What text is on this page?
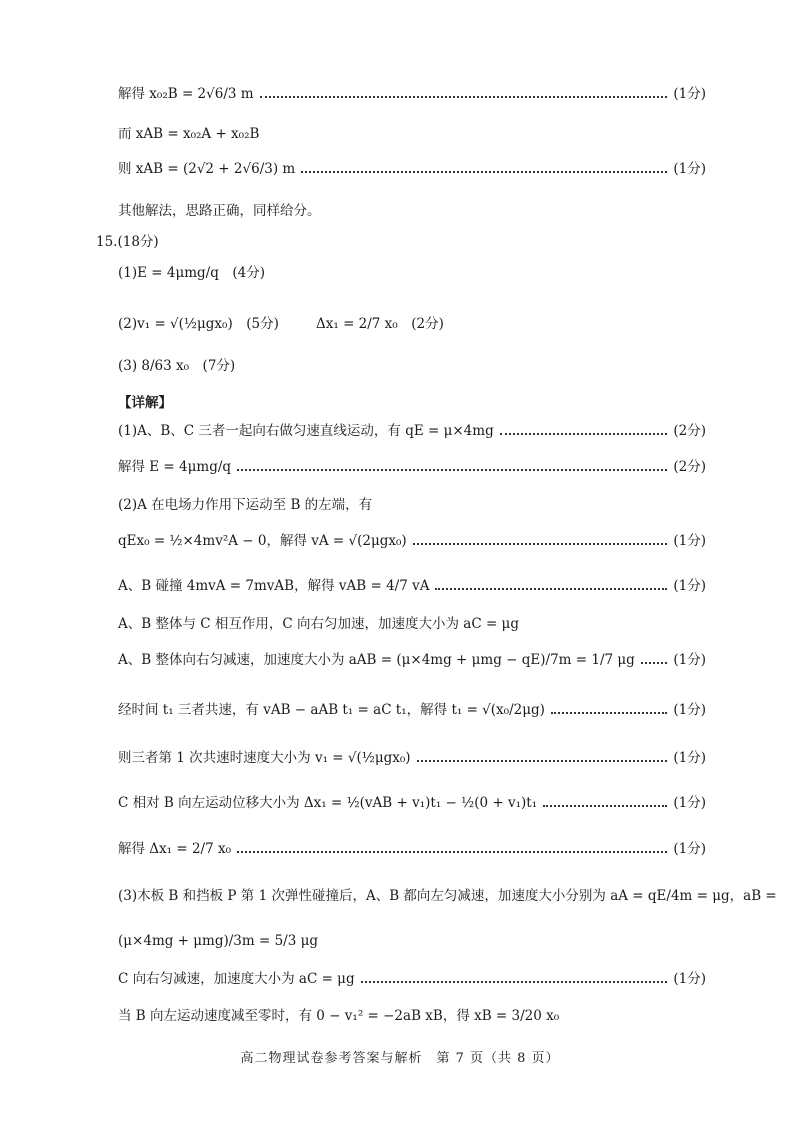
解得 x₀₂B = 2√6/3 m	(1分)
而 xAB = x₀₂A + x₀₂B
则 xAB = (2√2 + 2√6/3) m	(1分)
其他解法，思路正确，同样给分。
15.(18分)
(1)E = 4μmg/q　(4分)
(2)v₁ = √(½μgx₀)　(5分)	Δx₁ = 2/7 x₀　(2分)
(3) 8/63 x₀　(7分)
【详解】
(1)A、B、C 三者一起向右做匀速直线运动，有 qE = μ×4mg	(2分)
解得 E = 4μmg/q	(2分)
(2)A 在电场力作用下运动至 B 的左端，有
qEx₀ = ½×4mv²A − 0，解得 vA = √(2μgx₀)	(1分)
A、B 碰撞 4mvA = 7mvAB，解得 vAB = 4/7 vA	(1分)
A、B 整体与 C 相互作用，C 向右匀加速，加速度大小为 aC = μg
A、B 整体向右匀减速，加速度大小为 aAB = (μ×4mg + μmg − qE)/7m = 1/7 μg	(1分)
经时间 t₁ 三者共速，有 vAB − aAB t₁ = aC t₁，解得 t₁ = √(x₀/2μg)	(1分)
则三者第 1 次共速时速度大小为 v₁ = √(½μgx₀)	(1分)
C 相对 B 向左运动位移大小为 Δx₁ = ½(vAB + v₁)t₁ − ½(0 + v₁)t₁	(1分)
解得 Δx₁ = 2/7 x₀	(1分)
(3)木板 B 和挡板 P 第 1 次弹性碰撞后，A、B 都向左匀减速，加速度大小分别为 aA = qE/4m = μg，aB =
(μ×4mg + μmg)/3m = 5/3 μg
C 向右匀减速，加速度大小为 aC = μg	(1分)
当 B 向左运动速度减至零时，有 0 − v₁² = −2aB xB，得 xB = 3/20 x₀
高二物理试卷参考答案与解析　第 7 页（共 8 页）
